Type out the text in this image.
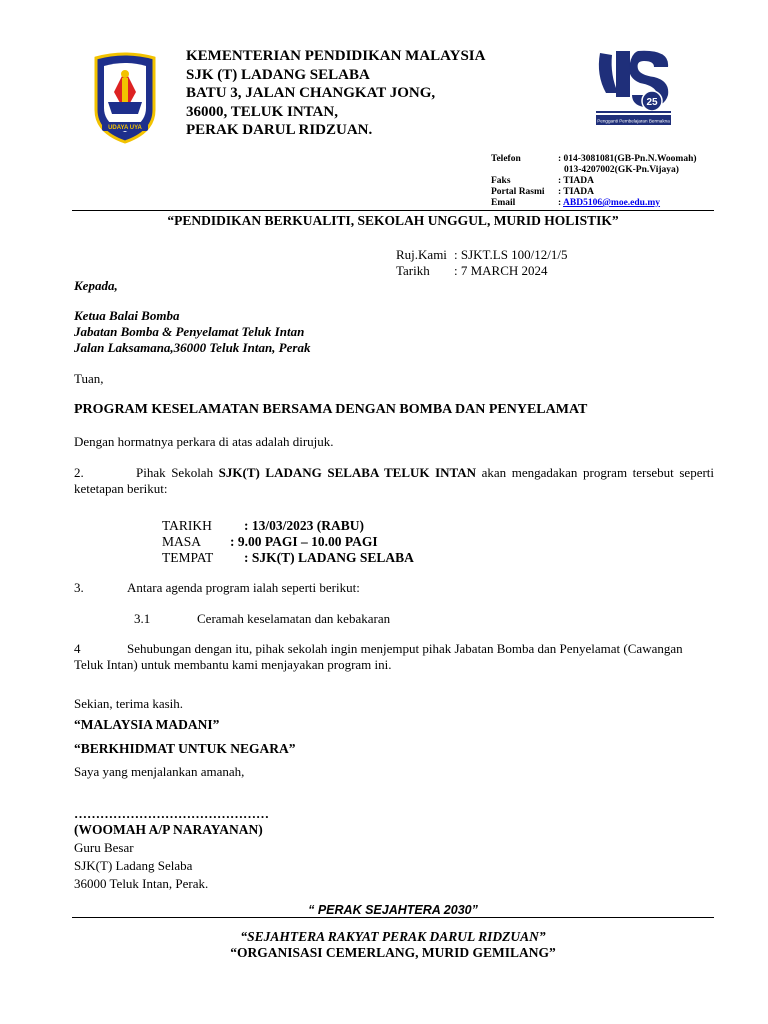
UDAYA UYA
KEMENTERIAN PENDIDIKAN MALAYSIA
SJK (T) LADANG SELABA
BATU 3, JALAN CHANGKAT JONG,
36000, TELUK INTAN,
PERAK DARUL RIDZUAN.
25
Pengganti Pembelajaran Bermakna
Telefon	: 014-3081081(GB-Pn.N.Woomah)
013-4207002(GK-Pn.Vijaya)
Faks	: TIADA
Portal Rasmi : TIADA
Email	: ABD5106@moe.edu.my
“PENDIDIKAN BERKUALITI, SEKOLAH UNGGUL, MURID HOLISTIK”
Ruj.Kami : SJKT.LS 100/12/1/5
Tarikh : 7 MARCH 2024
Kepada,
Ketua Balai Bomba
Jabatan Bomba & Penyelamat Teluk Intan
Jalan Laksamana,36000 Teluk Intan, Perak
Tuan,
PROGRAM KESELAMATAN BERSAMA DENGAN BOMBA DAN PENYELAMAT
Dengan hormatnya perkara di atas adalah dirujuk.
2.	Pihak Sekolah SJK(T) LADANG SELABA TELUK INTAN akan mengadakan program tersebut seperti ketetapan berikut:
TARIKH : 13/03/2023 (RABU)
MASA : 9.00 PAGI – 10.00 PAGI
TEMPAT : SJK(T) LADANG SELABA
3.	Antara agenda program ialah seperti berikut:
3.1	Ceramah keselamatan dan kebakaran
4	Sehubungan dengan itu, pihak sekolah ingin menjemput pihak Jabatan Bomba dan Penyelamat (Cawangan Teluk Intan) untuk membantu kami menjayakan program ini.
Sekian, terima kasih.
“MALAYSIA MADANI”
“BERKHIDMAT UNTUK NEGARA”
Saya yang menjalankan amanah,
………………………………………
(WOOMAH A/P NARAYANAN)
Guru Besar
SJK(T) Ladang Selaba
36000 Teluk Intan, Perak.
“ PERAK SEJAHTERA 2030”
“SEJAHTERA RAKYAT PERAK DARUL RIDZUAN”
“ORGANISASI CEMERLANG, MURID GEMILANG”
